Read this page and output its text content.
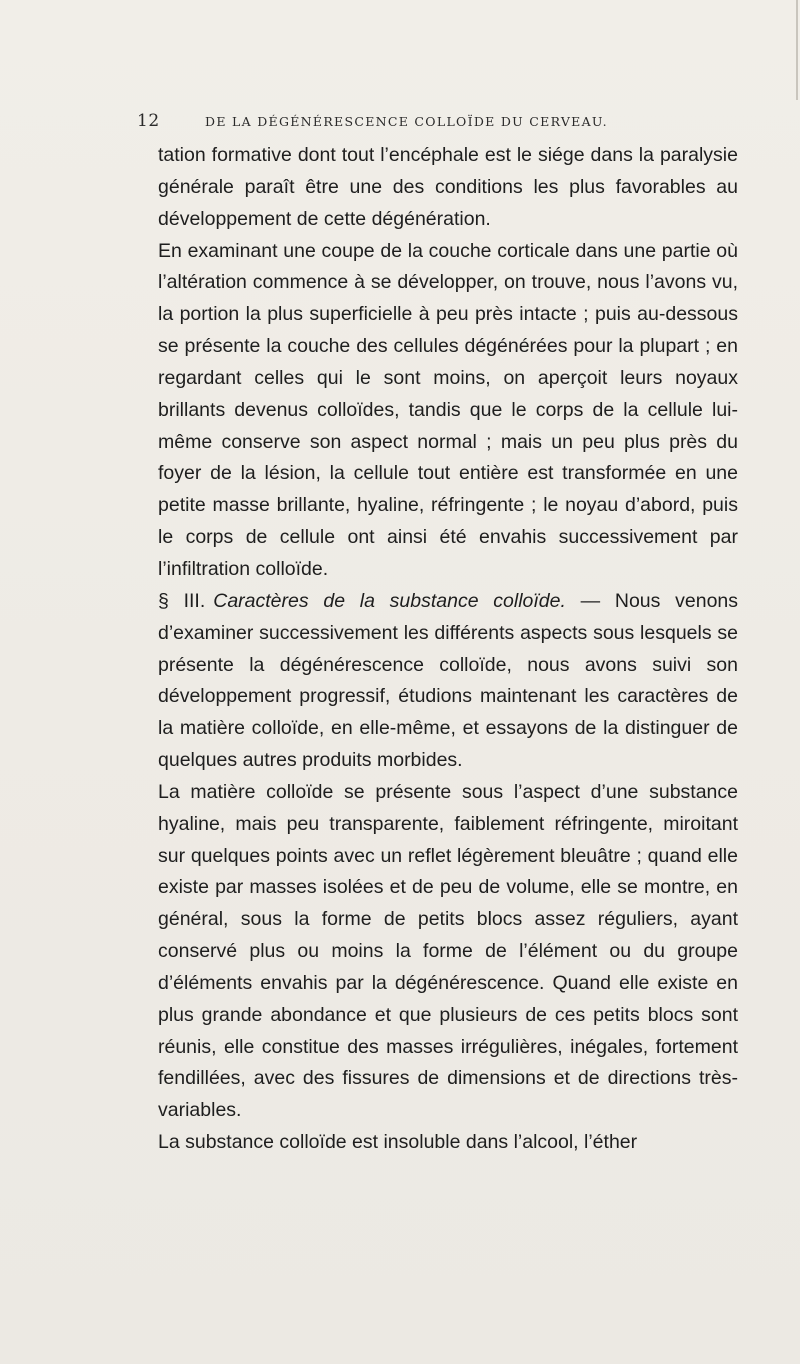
12	DE LA DÉGÉNÉRESCENCE COLLOÏDE DU CERVEAU.

tation formative dont tout l’encéphale est le siége dans la paralysie générale paraît être une des conditions les plus favorables au développement de cette dégénération.

En examinant une coupe de la couche corticale dans une partie où l’altération commence à se développer, on trouve, nous l’avons vu, la portion la plus superficielle à peu près intacte ; puis au-dessous se présente la couche des cellules dégénérées pour la plupart ; en regardant celles qui le sont moins, on aperçoit leurs noyaux brillants devenus colloïdes, tandis que le corps de la cellule lui-même conserve son aspect normal ; mais un peu plus près du foyer de la lésion, la cellule tout entière est transformée en une petite masse brillante, hyaline, réfringente ; le noyau d’abord, puis le corps de cellule ont ainsi été envahis successivement par l’infiltration colloïde.

§ III. Caractères de la substance colloïde. — Nous venons d’examiner successivement les différents aspects sous lesquels se présente la dégénérescence colloïde, nous avons suivi son développement progressif, étudions maintenant les caractères de la matière colloïde, en elle-même, et essayons de la distinguer de quelques autres produits morbides.

La matière colloïde se présente sous l’aspect d’une substance hyaline, mais peu transparente, faiblement réfringente, miroitant sur quelques points avec un reflet légèrement bleuâtre ; quand elle existe par masses isolées et de peu de volume, elle se montre, en général, sous la forme de petits blocs assez réguliers, ayant conservé plus ou moins la forme de l’élément ou du groupe d’éléments envahis par la dégénérescence. Quand elle existe en plus grande abondance et que plusieurs de ces petits blocs sont réunis, elle constitue des masses irrégulières, inégales, fortement fendillées, avec des fissures de dimensions et de directions très-variables.

La substance colloïde est insoluble dans l’alcool, l’éther
